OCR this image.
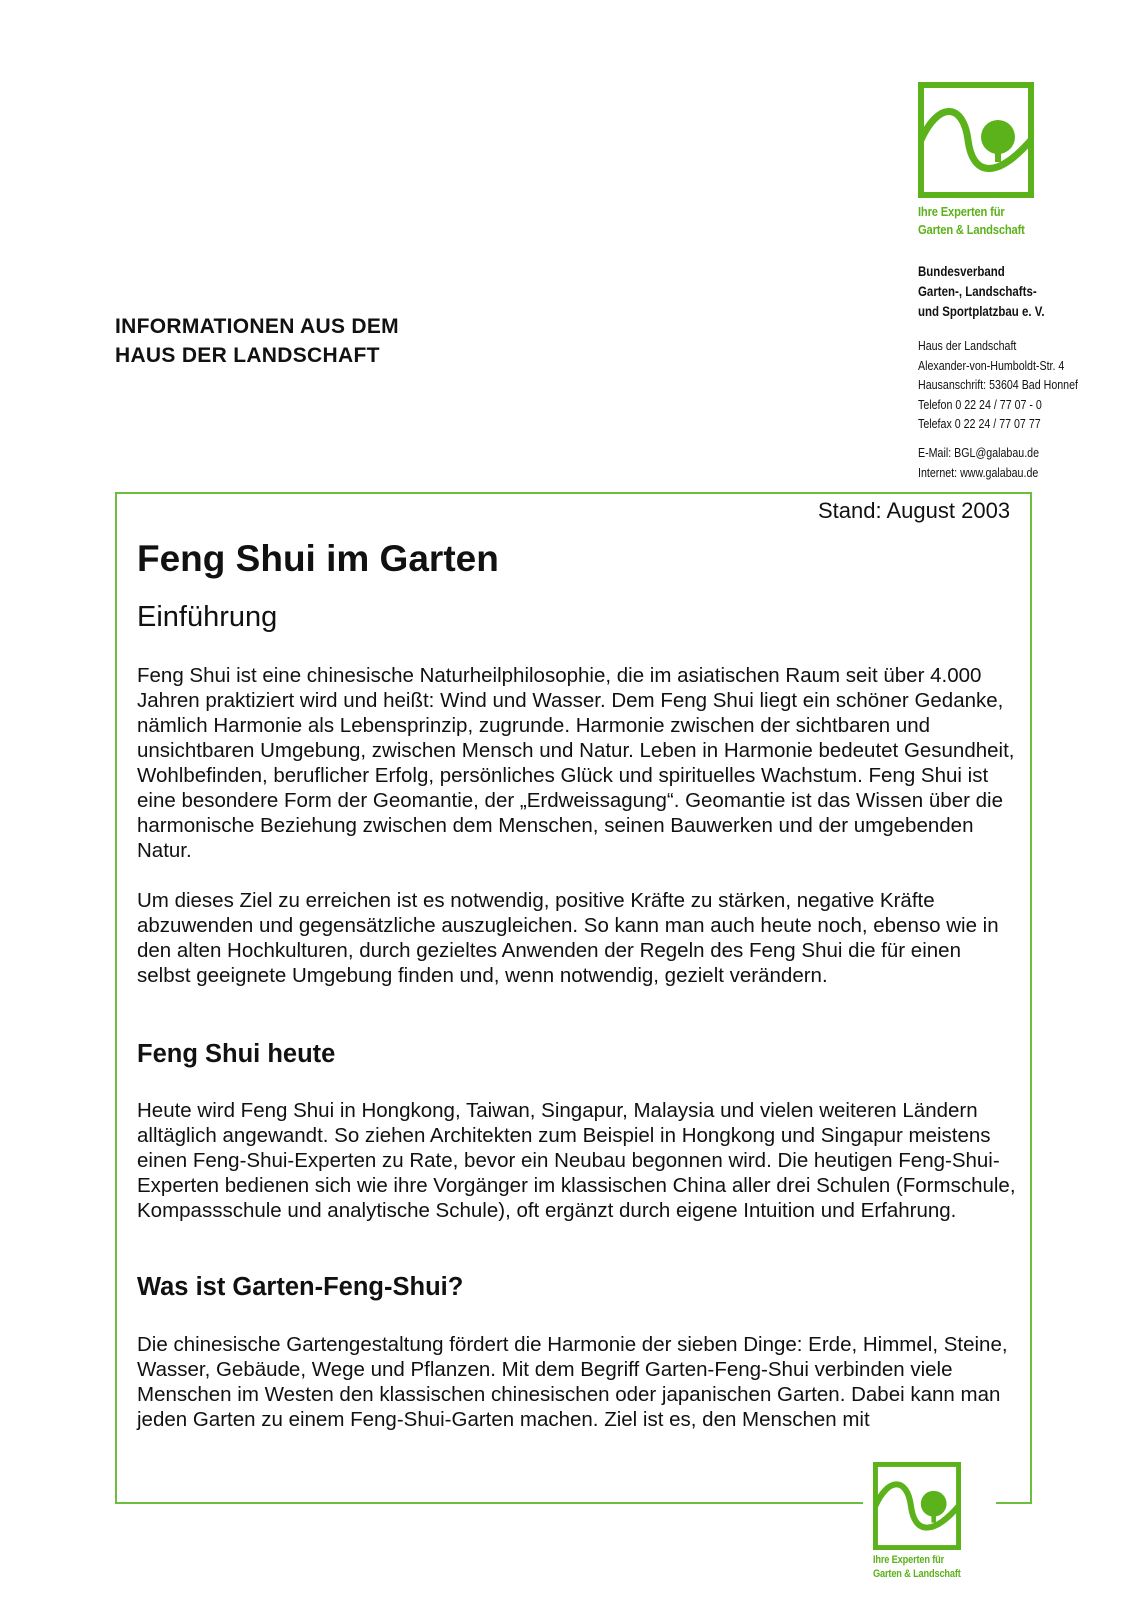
INFORMATIONEN AUS DEM
HAUS DER LANDSCHAFT
Ihre Experten für
Garten & Landschaft
Bundesverband
Garten-, Landschafts-
und Sportplatzbau e. V.
Haus der Landschaft
Alexander-von-Humboldt-Str. 4
Hausanschrift: 53604 Bad Honnef
Telefon 0 22 24 / 77 07 - 0
Telefax 0 22 24 / 77 07 77
E-Mail: BGL@galabau.de
Internet: www.galabau.de
Stand: August 2003
Feng Shui im Garten
Einführung
Feng Shui ist eine chinesische Naturheilphilosophie, die im asiatischen Raum seit über 4.000 Jahren praktiziert wird und heißt: Wind und Wasser. Dem Feng Shui liegt ein schöner Gedanke, nämlich Harmonie als Lebensprinzip, zugrunde. Harmonie zwischen der sichtbaren und unsichtbaren Umgebung, zwischen Mensch und Natur. Leben in Harmonie bedeutet Gesundheit, Wohlbefinden, beruflicher Erfolg, persönliches Glück und spirituelles Wachstum. Feng Shui ist eine besondere Form der Geomantie, der „Erdweissagung“. Geomantie ist das Wissen über die harmonische Beziehung zwischen dem Menschen, seinen Bauwerken und der umgebenden Natur.
Um dieses Ziel zu erreichen ist es notwendig, positive Kräfte zu stärken, negative Kräfte abzuwenden und gegensätzliche auszugleichen. So kann man auch heute noch, ebenso wie in den alten Hochkulturen, durch gezieltes Anwenden der Regeln des Feng Shui die für einen selbst geeignete Umgebung finden und, wenn notwendig, gezielt verändern.
Feng Shui heute
Heute wird Feng Shui in Hongkong, Taiwan, Singapur, Malaysia und vielen weiteren Ländern alltäglich angewandt. So ziehen Architekten zum Beispiel in Hongkong und Singapur meistens einen Feng-Shui-Experten zu Rate, bevor ein Neubau begonnen wird. Die heutigen Feng-Shui-Experten bedienen sich wie ihre Vorgänger im klassischen China aller drei Schulen (Formschule, Kompassschule und analytische Schule), oft ergänzt durch eigene Intuition und Erfahrung.
Was ist Garten-Feng-Shui?
Die chinesische Gartengestaltung fördert die Harmonie der sieben Dinge: Erde, Himmel, Steine, Wasser, Gebäude, Wege und Pflanzen. Mit dem Begriff Garten-Feng-Shui verbinden viele Menschen im Westen den klassischen chinesischen oder japanischen Garten. Dabei kann man jeden Garten zu einem Feng-Shui-Garten machen. Ziel ist es, den Menschen mit
Ihre Experten für
Garten & Landschaft
